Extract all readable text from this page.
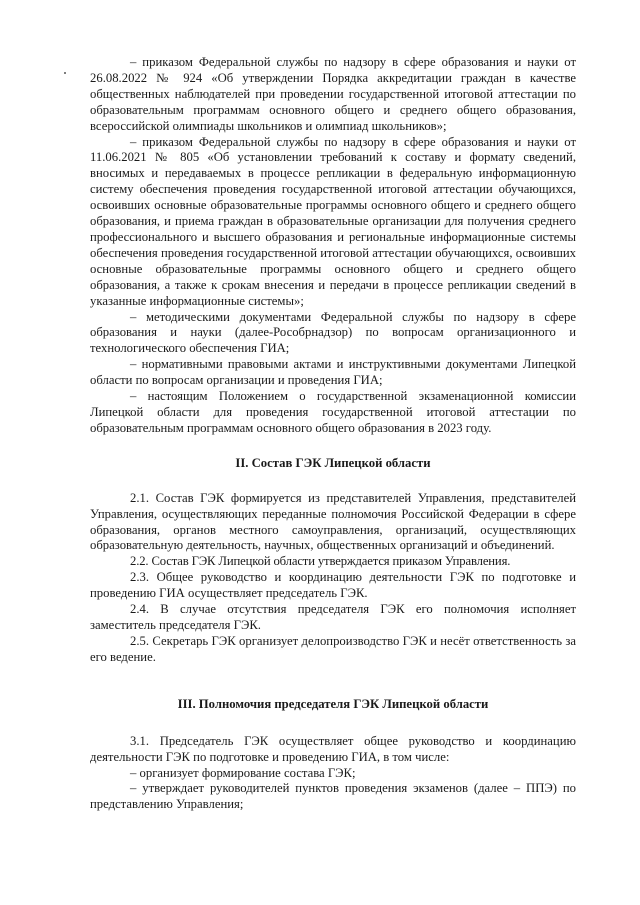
– приказом Федеральной службы по надзору в сфере образования и науки от 26.08.2022 № 924 «Об утверждении Порядка аккредитации граждан в качестве общественных наблюдателей при проведении государственной итоговой аттестации по образовательным программам основного общего и среднего общего образования, всероссийской олимпиады школьников и олимпиад школьников»;

– приказом Федеральной службы по надзору в сфере образования и науки от 11.06.2021 № 805 «Об установлении требований к составу и формату сведений, вносимых и передаваемых в процессе репликации в федеральную информационную систему обеспечения проведения государственной итоговой аттестации обучающихся, освоивших основные образовательные программы основного общего и среднего общего образования, и приема граждан в образовательные организации для получения среднего профессионального и высшего образования и региональные информационные системы обеспечения проведения государственной итоговой аттестации обучающихся, освоивших основные образовательные программы основного общего и среднего общего образования, а также к срокам внесения и передачи в процессе репликации сведений в указанные информационные системы»;

– методическими документами Федеральной службы по надзору в сфере образования и науки (далее-Рособрнадзор) по вопросам организационного и технологического обеспечения ГИА;

– нормативными правовыми актами и инструктивными документами Липецкой области по вопросам организации и проведения ГИА;

– настоящим Положением о государственной экзаменационной комиссии Липецкой области для проведения государственной итоговой аттестации по образовательным программам основного общего образования в 2023 году.

II. Состав ГЭК Липецкой области

2.1. Состав ГЭК формируется из представителей Управления, представителей Управления, осуществляющих переданные полномочия Российской Федерации в сфере образования, органов местного самоуправления, организаций, осуществляющих образовательную деятельность, научных, общественных организаций и объединений.

2.2. Состав ГЭК Липецкой области утверждается приказом Управления.

2.3. Общее руководство и координацию деятельности ГЭК по подготовке и проведению ГИА осуществляет председатель ГЭК.

2.4. В случае отсутствия председателя ГЭК его полномочия исполняет заместитель председателя ГЭК.

2.5. Секретарь ГЭК организует делопроизводство ГЭК и несёт ответственность за его ведение.

III. Полномочия председателя ГЭК Липецкой области

3.1. Председатель ГЭК осуществляет общее руководство и координацию деятельности ГЭК по подготовке и проведению ГИА, в том числе:

– организует формирование состава ГЭК;

– утверждает руководителей пунктов проведения экзаменов (далее – ППЭ) по представлению Управления;
